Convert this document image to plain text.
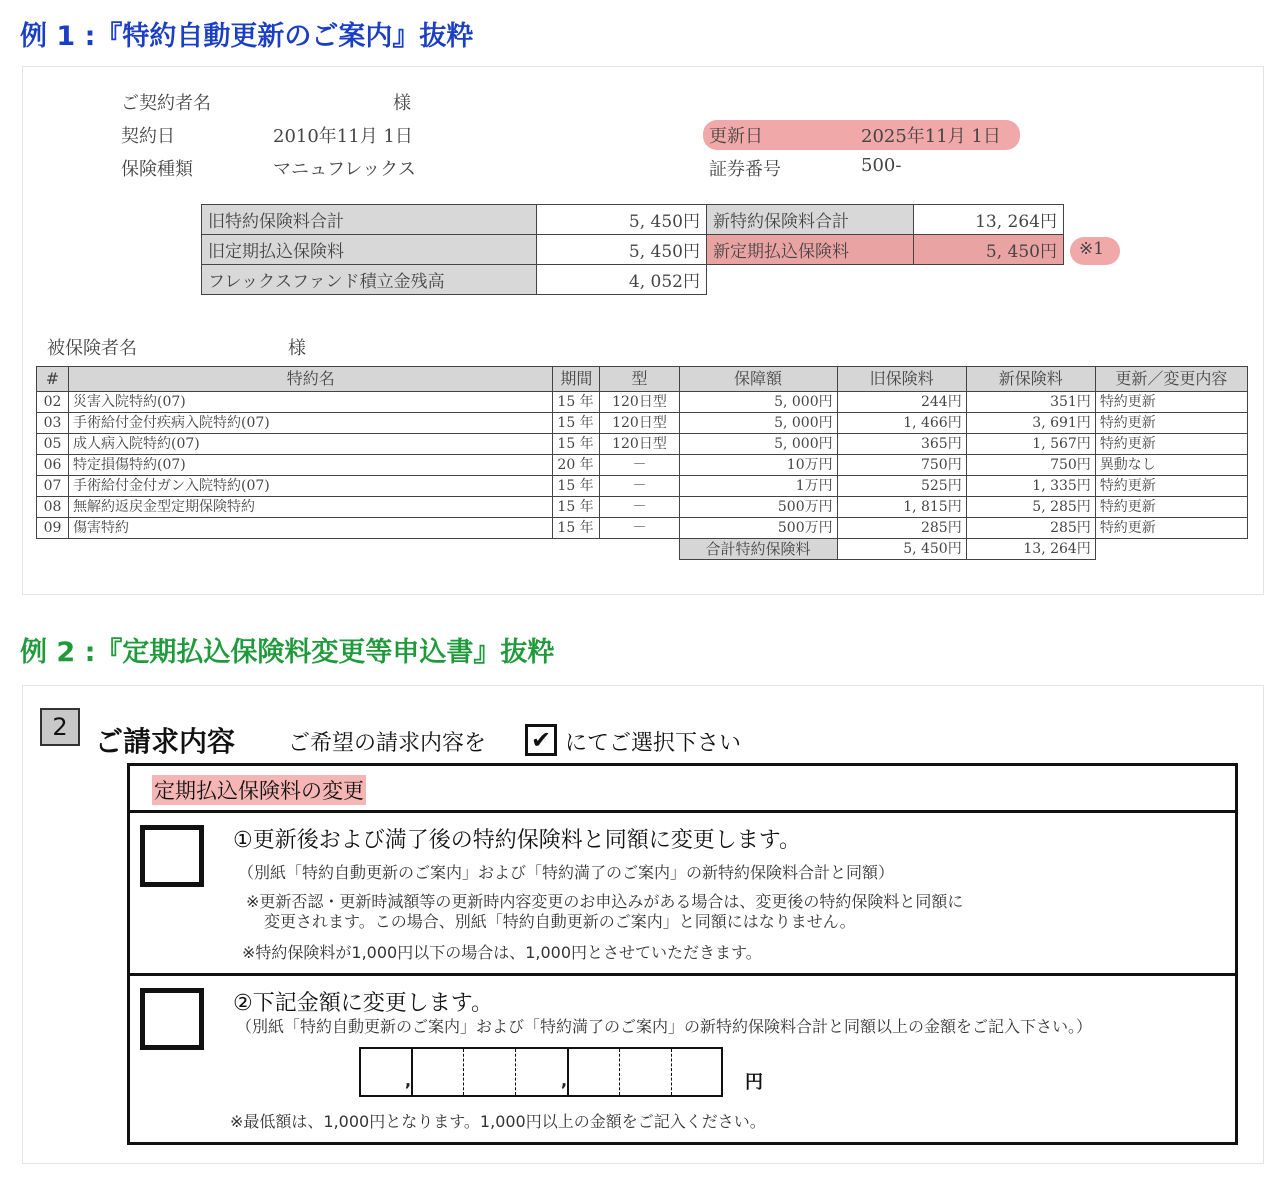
例 1 :『特約自動更新のご案内』抜粋
ご契約者名	様
契約日	2010年11月 1日
保険種類	マニュフレックス
更新日	2025年11月 1日
証券番号	500-
旧特約保険料合計	5, 450円	新特約保険料合計	13, 264円
旧定期払込保険料	5, 450円	新定期払込保険料	5, 450円
フレックスファンド積立金残高	4, 052円		
※1
被保険者名	様
#	特約名	期間	型	保障額	旧保険料	新保険料	更新／変更内容
02	災害入院特約(07)	15 年	120日型	5, 000円	244円	351円	特約更新
03	手術給付金付疾病入院特約(07)	15 年	120日型	5, 000円	1, 466円	3, 691円	特約更新
05	成人病入院特約(07)	15 年	120日型	5, 000円	365円	1, 567円	特約更新
06	特定損傷特約(07)	20 年	－	10万円	750円	750円	異動なし
07	手術給付金付ガン入院特約(07)	15 年	－	1万円	525円	1, 335円	特約更新
08	無解約返戻金型定期保険特約	15 年	－	500万円	1, 815円	5, 285円	特約更新
09	傷害特約	15 年	－	500万円	285円	285円	特約更新
				合計特約保険料	5, 450円	13, 264円	
例 2 :『定期払込保険料変更等申込書』抜粋
2 ご請求内容 ご希望の請求内容を ✔ にてご選択下さい
定期払込保険料の変更
①更新後および満了後の特約保険料と同額に変更します。
（別紙「特約自動更新のご案内」および「特約満了のご案内」の新特約保険料合計と同額）
※更新否認・更新時減額等の更新時内容変更のお申込みがある場合は、変更後の特約保険料と同額に
変更されます。この場合、別紙「特約自動更新のご案内」と同額にはなりません。
※特約保険料が1,000円以下の場合は、1,000円とさせていただきます。
②下記金額に変更します。
（別紙「特約自動更新のご案内」および「特約満了のご案内」の新特約保険料合計と同額以上の金額をご記入下さい。）
,	,	円
※最低額は、1,000円となります。1,000円以上の金額をご記入ください。
